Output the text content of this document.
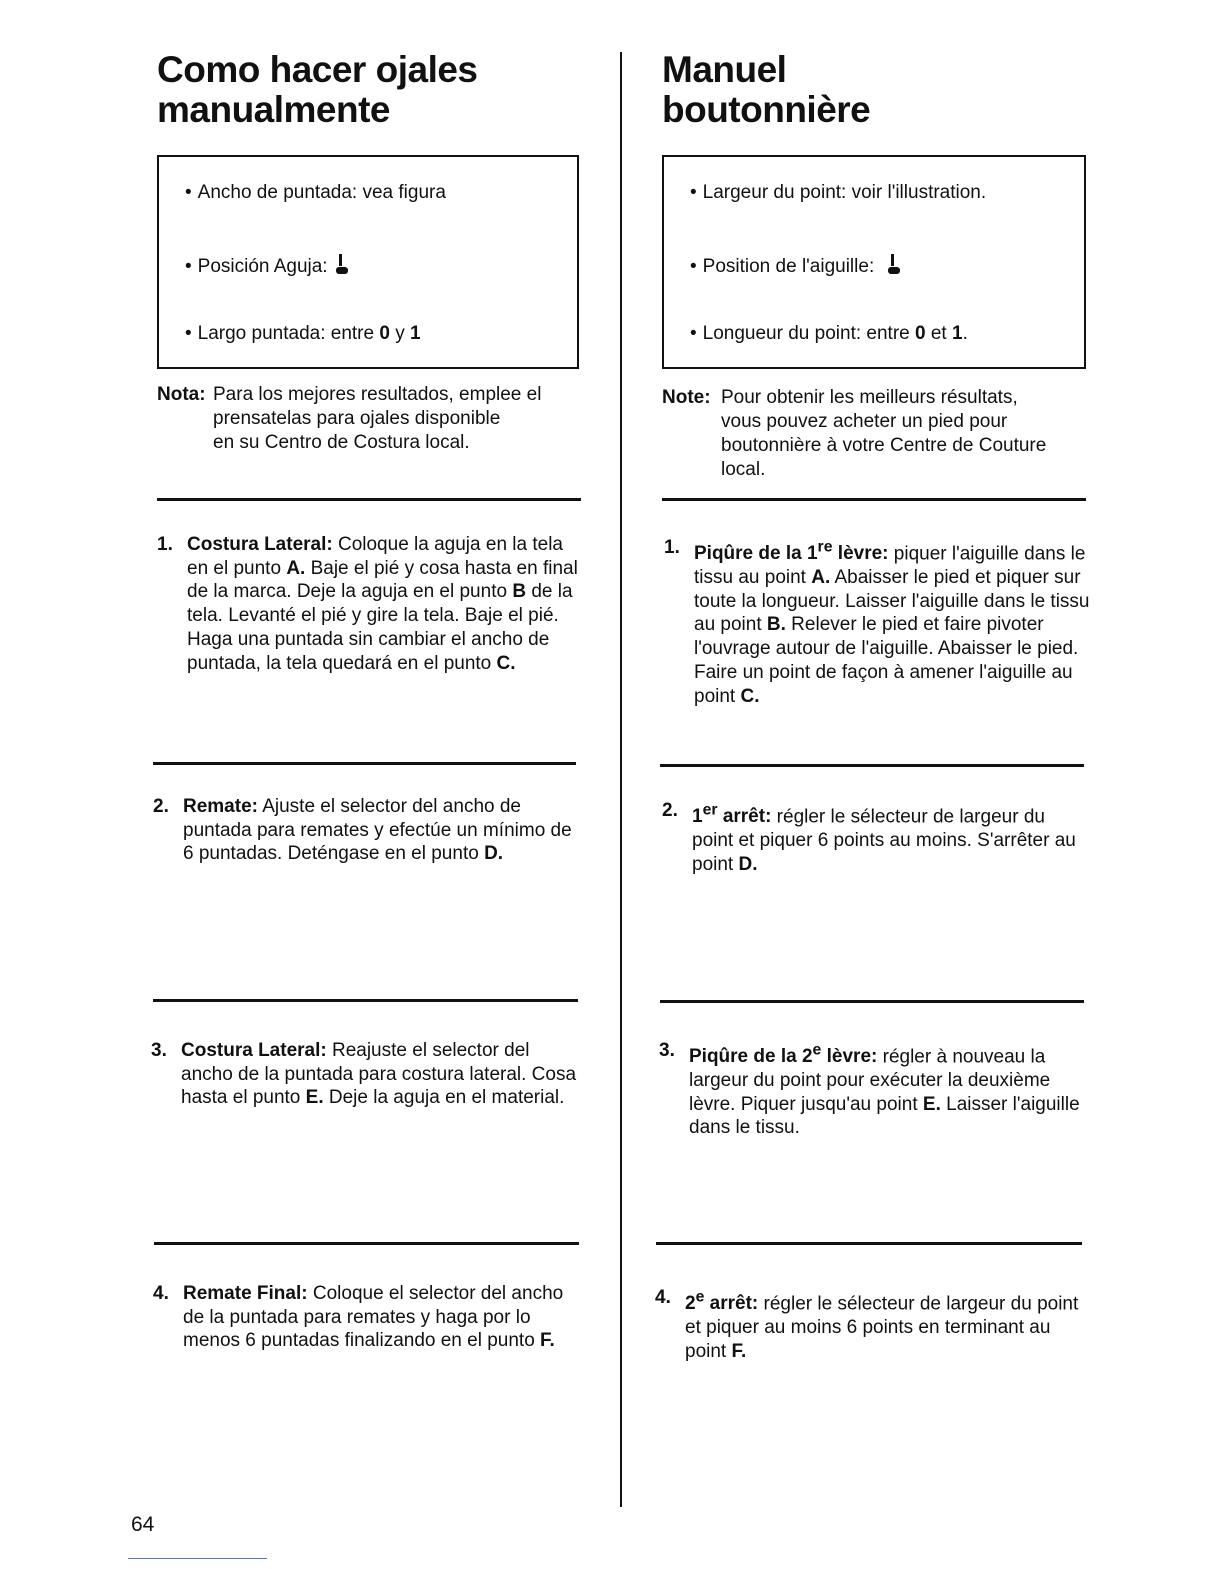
Como hacer ojales
manualmente
• Ancho de puntada: vea figura
• Posición Aguja:
• Largo puntada: entre 0 y 1
Nota: Para los mejores resultados, emplee el
prensatelas para ojales disponible
en su Centro de Costura local.
1. Costura Lateral: Coloque la aguja en la tela en el punto A. Baje el pié y cosa hasta en final de la marca. Deje la aguja en el punto B de la tela. Levanté el pié y gire la tela. Baje el pié. Haga una puntada sin cambiar el ancho de puntada, la tela quedará en el punto C.
2. Remate: Ajuste el selector del ancho de puntada para remates y efectúe un mínimo de 6 puntadas. Deténgase en el punto D.
3. Costura Lateral: Reajuste el selector del ancho de la puntada para costura lateral. Cosa hasta el punto E. Deje la aguja en el material.
4. Remate Final: Coloque el selector del ancho de la puntada para remates y haga por lo menos 6 puntadas finalizando en el punto F.
Manuel
boutonnière
• Largeur du point: voir l'illustration.
• Position de l'aiguille:
• Longueur du point: entre 0 et 1.
Note: Pour obtenir les meilleurs résultats,
vous pouvez acheter un pied pour
boutonnière à votre Centre de Couture
local.
1. Piqûre de la 1re lèvre: piquer l'aiguille dans le tissu au point A. Abaisser le pied et piquer sur toute la longueur. Laisser l'aiguille dans le tissu au point B. Relever le pied et faire pivoter l'ouvrage autour de l'aiguille. Abaisser le pied. Faire un point de façon à amener l'aiguille au point C.
2. 1er arrêt: régler le sélecteur de largeur du point et piquer 6 points au moins. S'arrêter au point D.
3. Piqûre de la 2e lèvre: régler à nouveau la largeur du point pour exécuter la deuxième lèvre. Piquer jusqu'au point E. Laisser l'aiguille dans le tissu.
4. 2e arrêt: régler le sélecteur de largeur du point et piquer au moins 6 points en terminant au point F.
64
